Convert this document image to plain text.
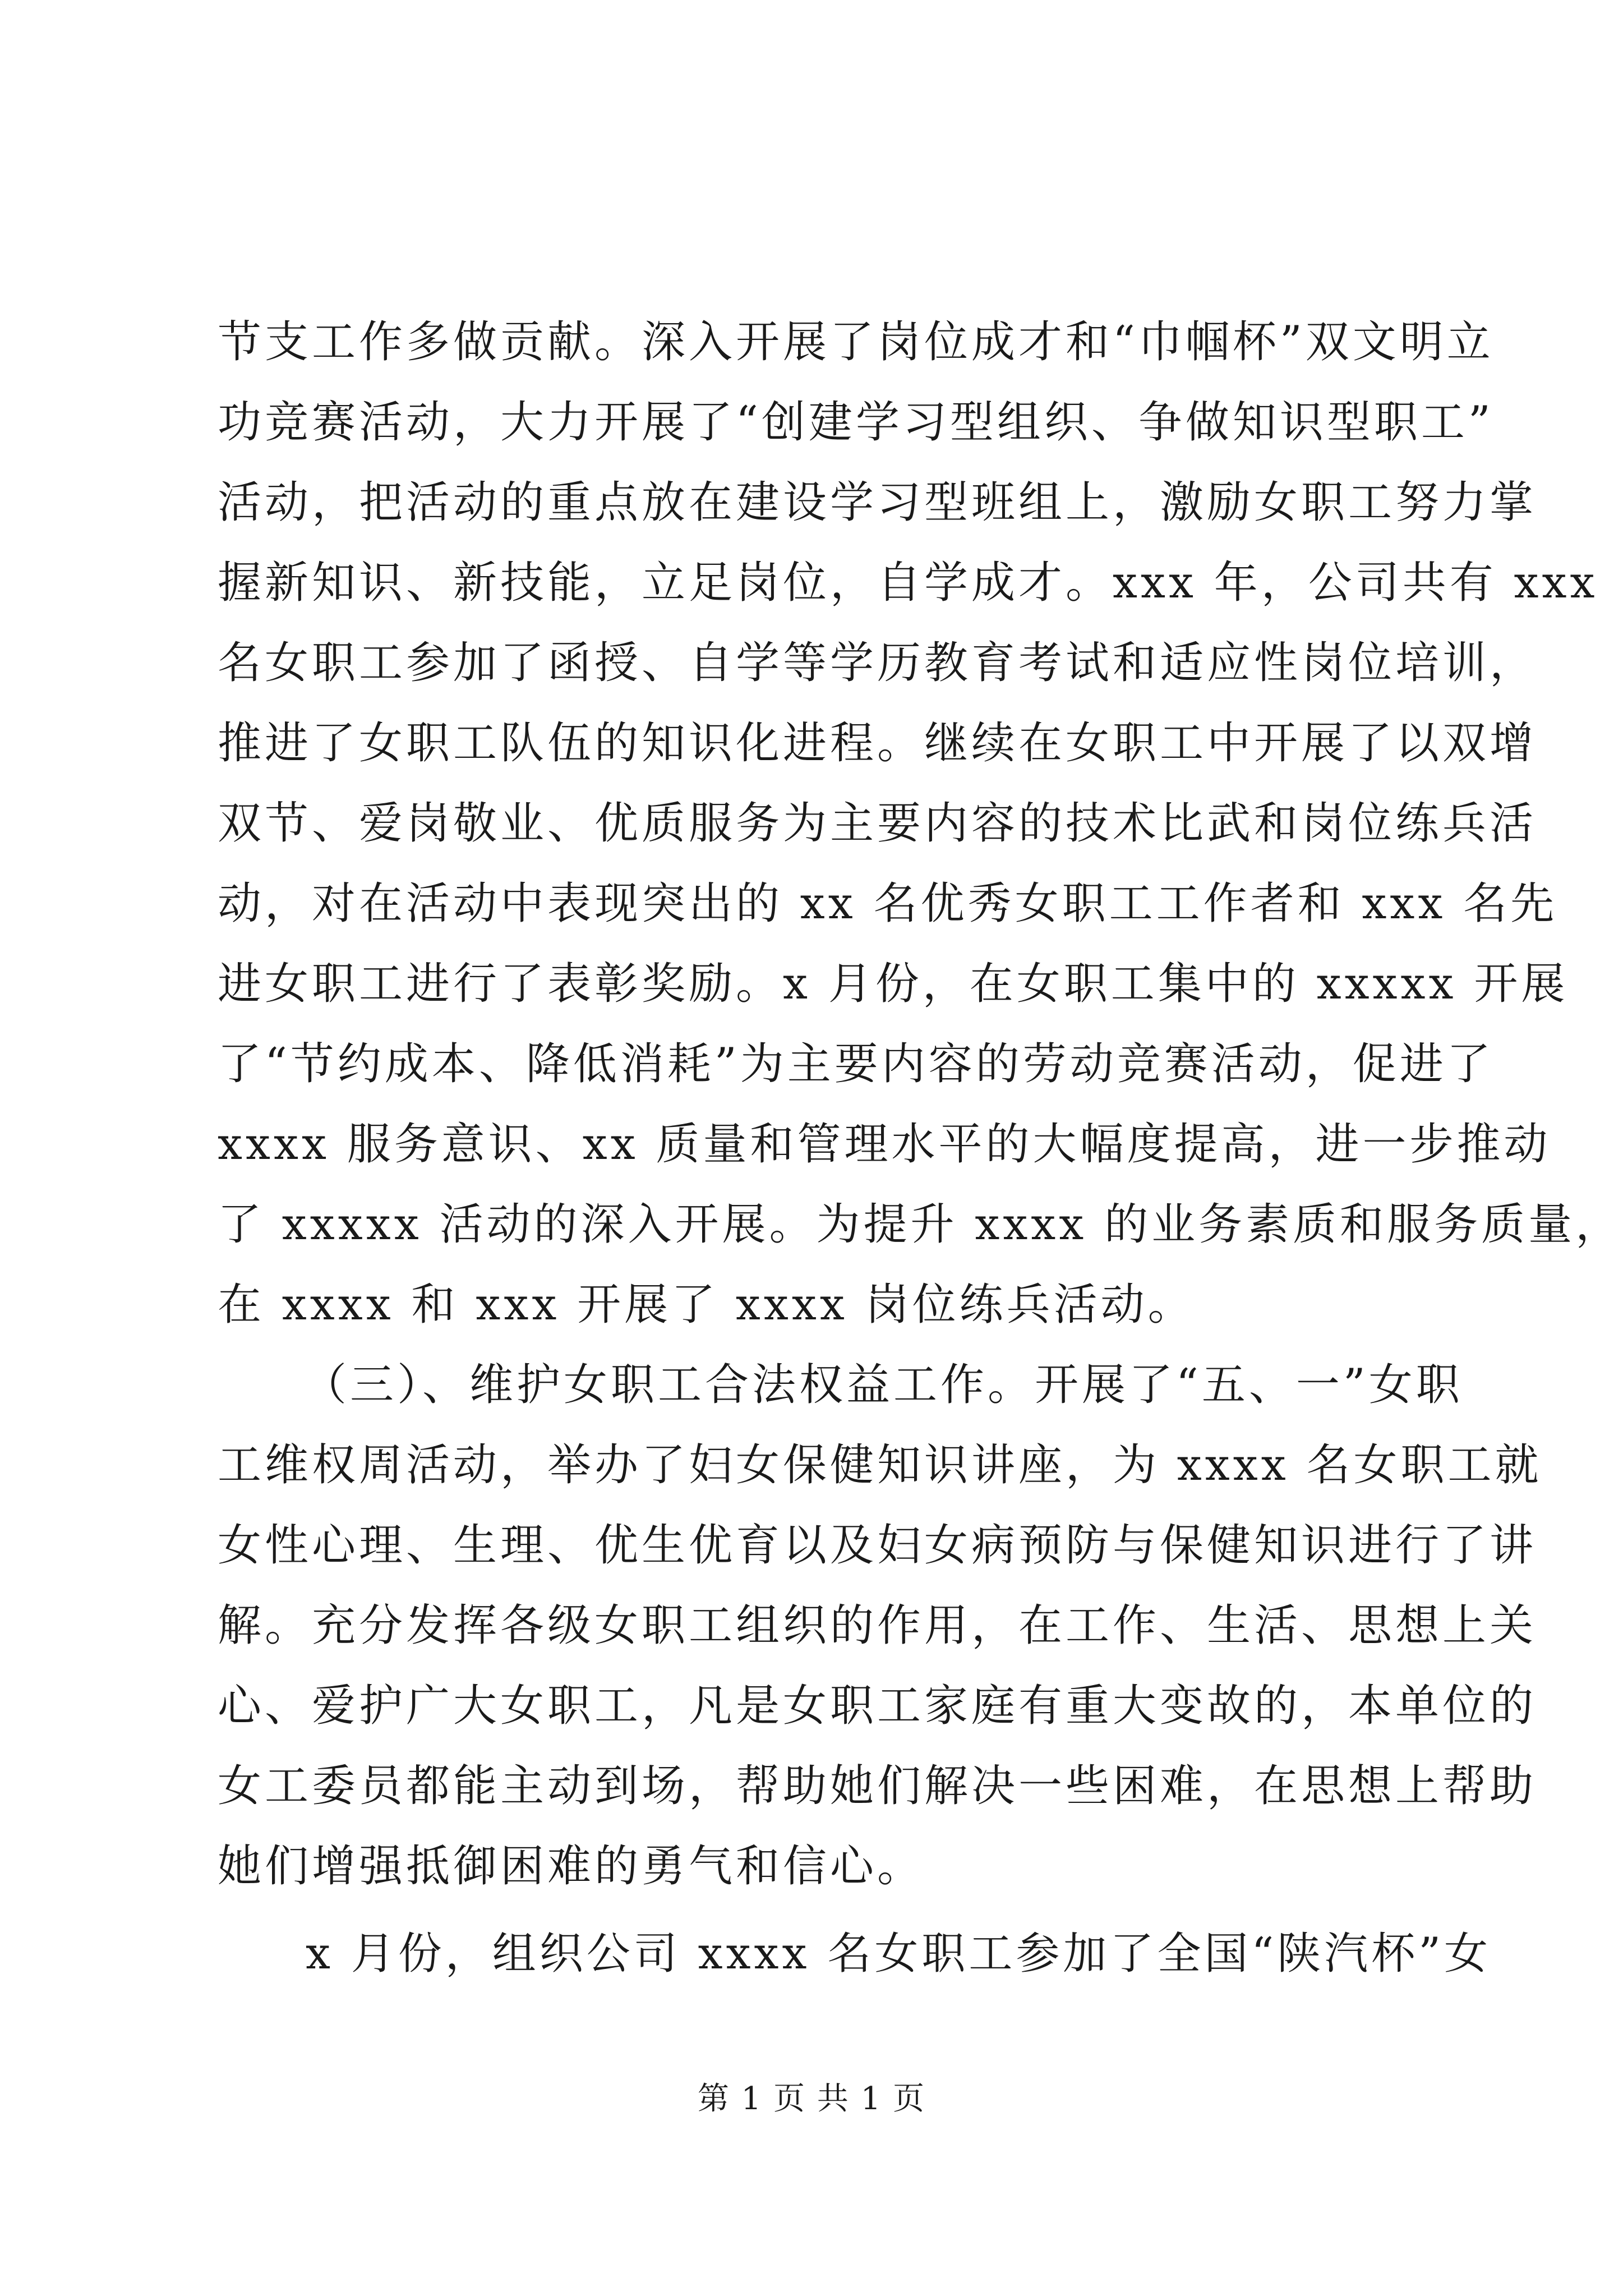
节支工作多做贡献。深入开展了岗位成才和“巾帼杯”双文明立
功竞赛活动，大力开展了“创建学习型组织、争做知识型职工”
活动，把活动的重点放在建设学习型班组上，激励女职工努力掌
握新知识、新技能，立足岗位，自学成才。xxx 年，公司共有 xxx
名女职工参加了函授、自学等学历教育考试和适应性岗位培训，
推进了女职工队伍的知识化进程。继续在女职工中开展了以双增
双节、爱岗敬业、优质服务为主要内容的技术比武和岗位练兵活
动，对在活动中表现突出的 xx 名优秀女职工工作者和 xxx 名先
进女职工进行了表彰奖励。x 月份，在女职工集中的 xxxxx 开展
了“节约成本、降低消耗”为主要内容的劳动竞赛活动，促进了
xxxx 服务意识、xx 质量和管理水平的大幅度提高，进一步推动
了 xxxxx 活动的深入开展。为提升 xxxx 的业务素质和服务质量，
在 xxxx 和 xxx 开展了 xxxx 岗位练兵活动。
（三）、维护女职工合法权益工作。开展了“五、一”女职
工维权周活动，举办了妇女保健知识讲座，为 xxxx 名女职工就
女性心理、生理、优生优育以及妇女病预防与保健知识进行了讲
解。充分发挥各级女职工组织的作用，在工作、生活、思想上关
心、爱护广大女职工，凡是女职工家庭有重大变故的，本单位的
女工委员都能主动到场，帮助她们解决一些困难，在思想上帮助
她们增强抵御困难的勇气和信心。
x 月份，组织公司 xxxx 名女职工参加了全国“陕汽杯”女
第 1 页 共 1 页
